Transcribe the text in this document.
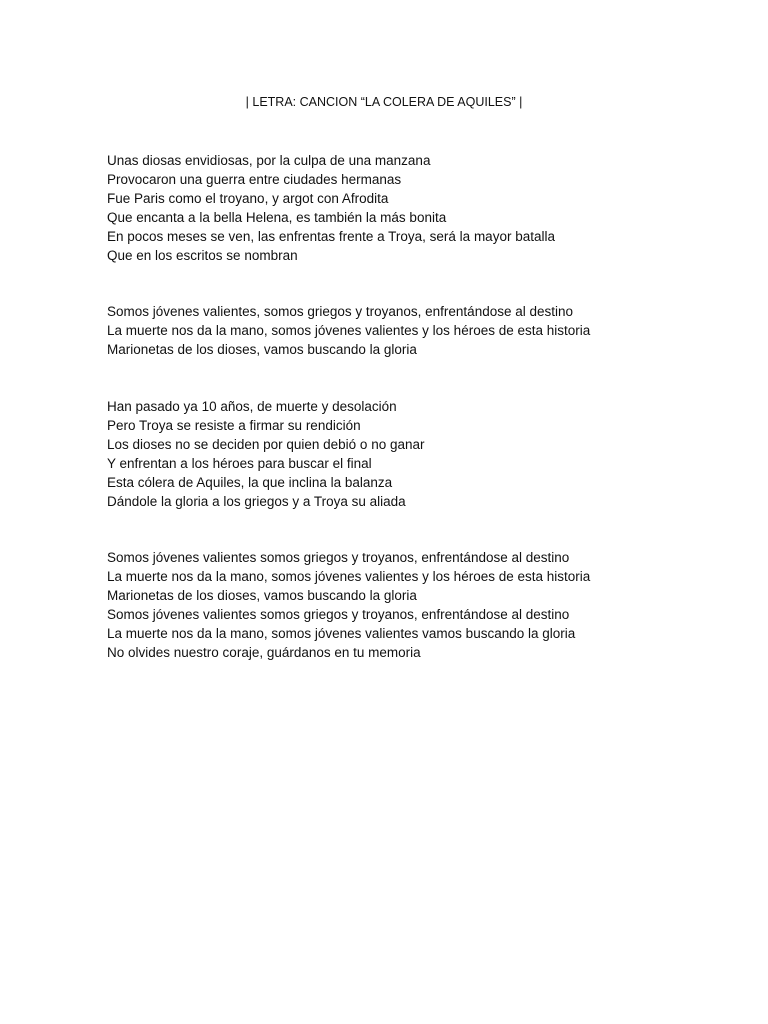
| LETRA: CANCION “LA COLERA DE AQUILES” |
Unas diosas envidiosas, por la culpa de una manzana
Provocaron una guerra entre ciudades hermanas
Fue Paris como el troyano, y argot con Afrodita
Que encanta a la bella Helena, es también la más bonita
En pocos meses se ven, las enfrentas frente a Troya, será la mayor batalla
Que en los escritos se nombran
Somos jóvenes valientes, somos griegos y troyanos, enfrentándose al destino
La muerte nos da la mano, somos jóvenes valientes y los héroes de esta historia
Marionetas de los dioses, vamos buscando la gloria
Han pasado ya 10 años, de muerte y desolación
Pero Troya se resiste a firmar su rendición
Los dioses no se deciden por quien debió o no ganar
Y enfrentan a los héroes para buscar el final
Esta cólera de Aquiles, la que inclina la balanza
Dándole la gloria a los griegos y a Troya su aliada
Somos jóvenes valientes somos griegos y troyanos, enfrentándose al destino
La muerte nos da la mano, somos jóvenes valientes y los héroes de esta historia
Marionetas de los dioses, vamos buscando la gloria
Somos jóvenes valientes somos griegos y troyanos, enfrentándose al destino
La muerte nos da la mano, somos jóvenes valientes vamos buscando la gloria
No olvides nuestro coraje, guárdanos en tu memoria
